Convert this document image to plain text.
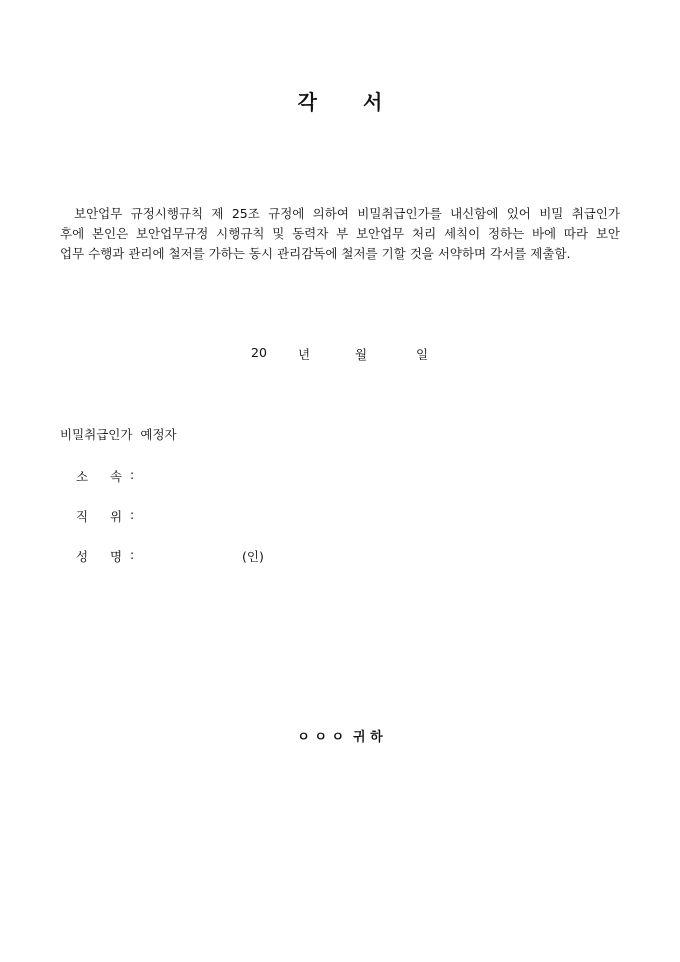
각 서
보안업무 규정시행규칙 제 25조 규정에 의하여 비밀취급인가를 내신함에 있어 비밀 취급인가
후에 본인은 보안업무규정 시행규칙 및 동력자 부 보안업무 처리 세칙이 정하는 바에 따라 보안
업무 수행과 관리에 철저를 가하는 동시 관리감독에 철저를 기할 것을 서약하며 각서를 제출함.
20 년	월	일
비밀취급인가  예정자
소 속 :
직 위 :
성 명 :	(인)
ㅇ ㅇ ㅇ  귀 하
